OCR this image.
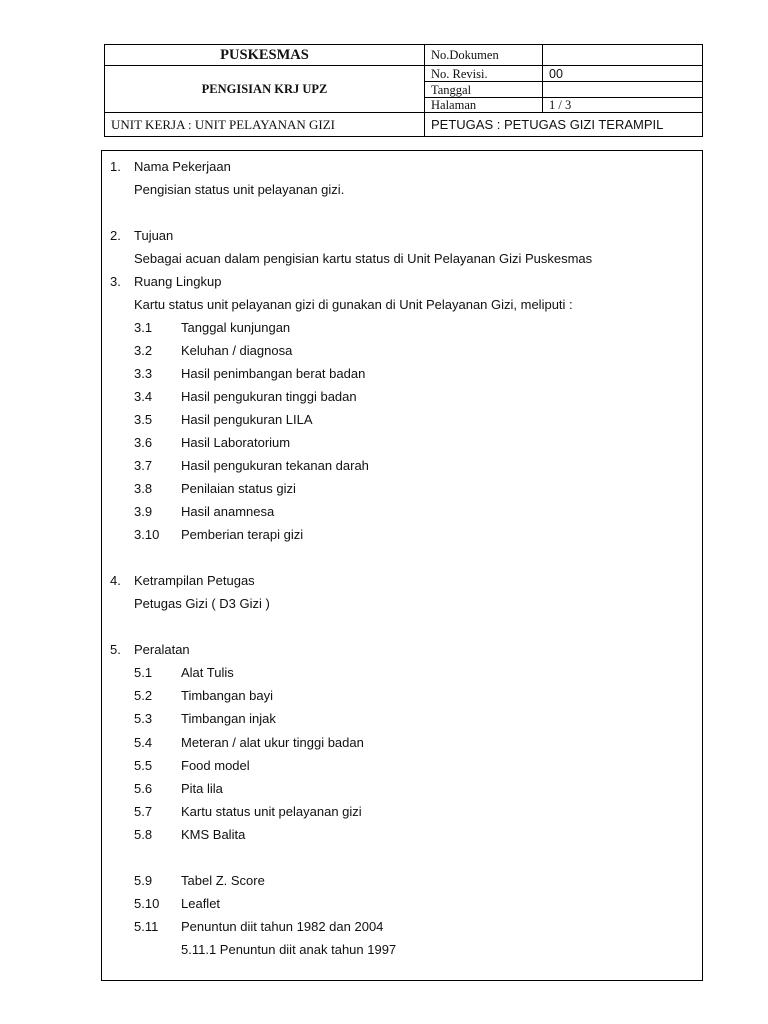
PUSKESMAS	No.Dokumen	
PENGISIAN KRJ UPZ	No. Revisi.	00
	Tanggal	
	Halaman	1 / 3
UNIT KERJA : UNIT PELAYANAN GIZI	PETUGAS : PETUGAS GIZI TERAMPIL	
1. Nama Pekerjaan
Pengisian status unit pelayanan gizi.
2. Tujuan
Sebagai acuan dalam pengisian kartu status di Unit Pelayanan Gizi Puskesmas
3. Ruang Lingkup
Kartu status unit pelayanan gizi di gunakan di Unit Pelayanan Gizi, meliputi :
3.1 Tanggal kunjungan
3.2 Keluhan / diagnosa
3.3 Hasil penimbangan berat badan
3.4 Hasil pengukuran tinggi badan
3.5 Hasil pengukuran LILA
3.6 Hasil Laboratorium
3.7 Hasil pengukuran tekanan darah
3.8 Penilaian status gizi
3.9 Hasil anamnesa
3.10 Pemberian terapi gizi
4. Ketrampilan Petugas
Petugas Gizi ( D3 Gizi )
5. Peralatan
5.1 Alat Tulis
5.2 Timbangan bayi
5.3 Timbangan injak
5.4 Meteran / alat ukur tinggi badan
5.5 Food model
5.6 Pita lila
5.7 Kartu status unit pelayanan gizi
5.8 KMS Balita
5.9 Tabel Z. Score
5.10 Leaflet
5.11 Penuntun diit tahun 1982 dan 2004
5.11.1 Penuntun diit anak tahun 1997
